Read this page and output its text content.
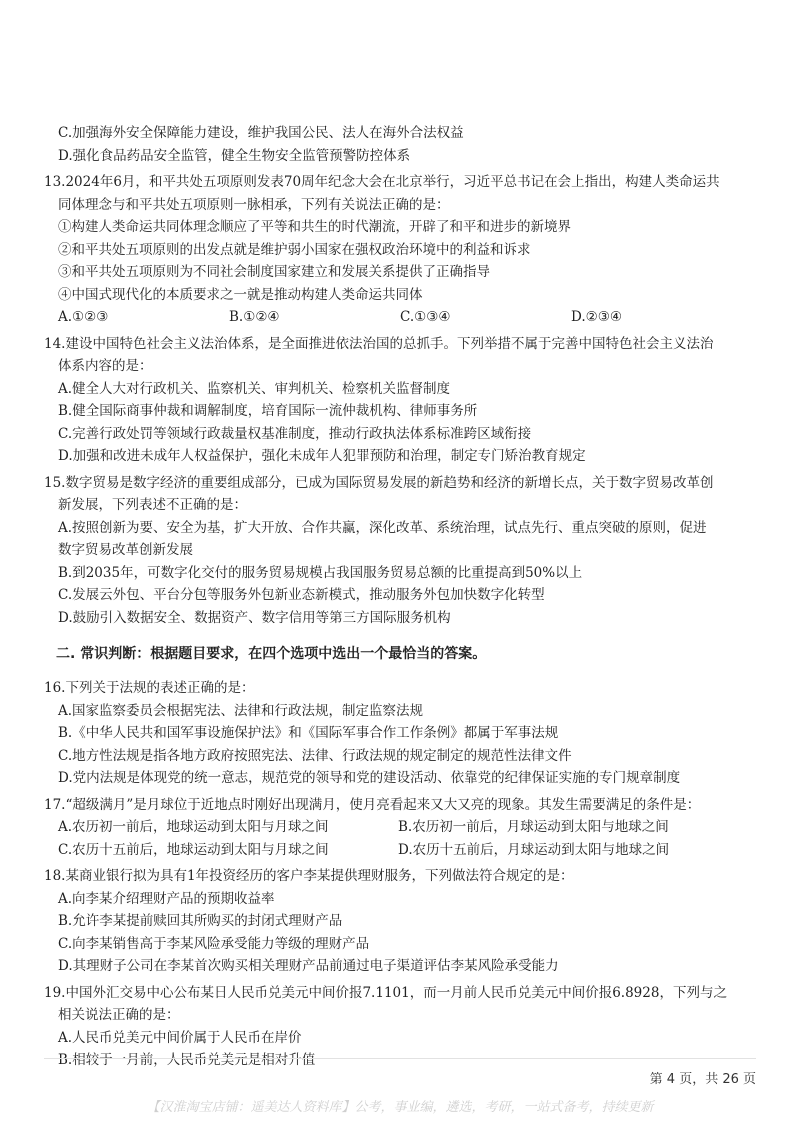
C.加强海外安全保障能力建设，维护我国公民、法人在海外合法权益
D.强化食品药品安全监管，健全生物安全监管预警防控体系
13.2024年6月，和平共处五项原则发表70周年纪念大会在北京举行，习近平总书记在会上指出，构建人类命运共
同体理念与和平共处五项原则一脉相承，下列有关说法正确的是：
①构建人类命运共同体理念顺应了平等和共生的时代潮流，开辟了和平和进步的新境界
②和平共处五项原则的出发点就是维护弱小国家在强权政治环境中的利益和诉求
③和平共处五项原则为不同社会制度国家建立和发展关系提供了正确指导
④中国式现代化的本质要求之一就是推动构建人类命运共同体
A.①②③	B.①②④	C.①③④	D.②③④
14.建设中国特色社会主义法治体系，是全面推进依法治国的总抓手。下列举措不属于完善中国特色社会主义法治
体系内容的是：
A.健全人大对行政机关、监察机关、审判机关、检察机关监督制度
B.健全国际商事仲裁和调解制度，培育国际一流仲裁机构、律师事务所
C.完善行政处罚等领域行政裁量权基准制度，推动行政执法体系标准跨区域衔接
D.加强和改进未成年人权益保护，强化未成年人犯罪预防和治理，制定专门矫治教育规定
15.数字贸易是数字经济的重要组成部分，已成为国际贸易发展的新趋势和经济的新增长点，关于数字贸易改革创
新发展，下列表述不正确的是：
A.按照创新为要、安全为基，扩大开放、合作共赢，深化改革、系统治理，试点先行、重点突破的原则，促进
数字贸易改革创新发展
B.到2035年，可数字化交付的服务贸易规模占我国服务贸易总额的比重提高到50%以上
C.发展云外包、平台分包等服务外包新业态新模式，推动服务外包加快数字化转型
D.鼓励引入数据安全、数据资产、数字信用等第三方国际服务机构
二. 常识判断：根据题目要求，在四个选项中选出一个最恰当的答案。
16.下列关于法规的表述正确的是：
A.国家监察委员会根据宪法、法律和行政法规，制定监察法规
B.《中华人民共和国军事设施保护法》和《国际军事合作工作条例》都属于军事法规
C.地方性法规是指各地方政府按照宪法、法律、行政法规的规定制定的规范性法律文件
D.党内法规是体现党的统一意志，规范党的领导和党的建设活动、依靠党的纪律保证实施的专门规章制度
17.“超级满月”是月球位于近地点时刚好出现满月，使月亮看起来又大又亮的现象。其发生需要满足的条件是：
A.农历初一前后，地球运动到太阳与月球之间	B.农历初一前后，月球运动到太阳与地球之间
C.农历十五前后，地球运动到太阳与月球之间	D.农历十五前后，月球运动到太阳与地球之间
18.某商业银行拟为具有1年投资经历的客户李某提供理财服务，下列做法符合规定的是：
A.向李某介绍理财产品的预期收益率
B.允许李某提前赎回其所购买的封闭式理财产品
C.向李某销售高于李某风险承受能力等级的理财产品
D.其理财子公司在李某首次购买相关理财产品前通过电子渠道评估李某风险承受能力
19.中国外汇交易中心公布某日人民币兑美元中间价报7.1101，而一月前人民币兑美元中间价报6.8928，下列与之
相关说法正确的是：
A.人民币兑美元中间价属于人民币在岸价
B.相较于一月前，人民币兑美元是相对升值
第 4 页，共 26 页
【汉淮淘宝店铺：遥美达人资料库】公考，事业编，遴选，考研，一站式备考，持续更新
